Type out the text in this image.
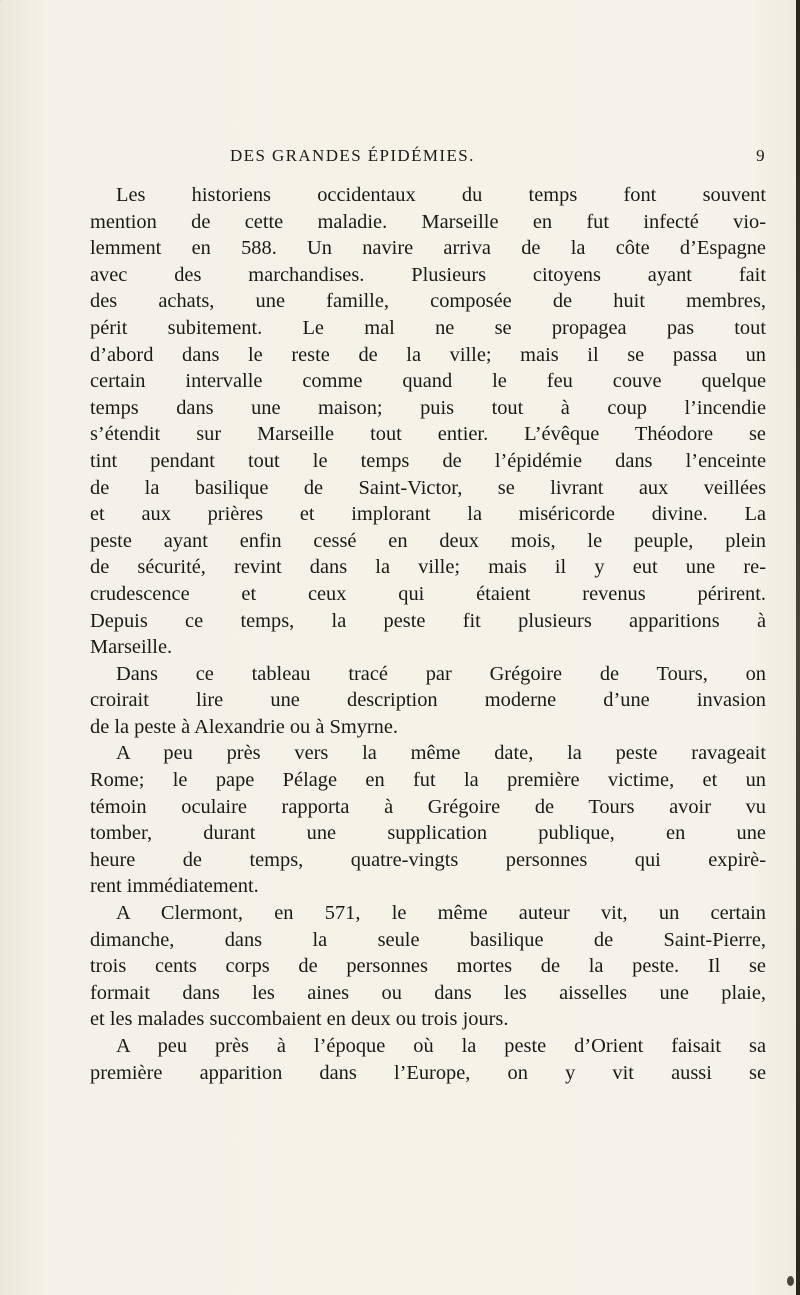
DES GRANDES ÉPIDÉMIES.	9
Les historiens occidentaux du temps font souvent
mention de cette maladie. Marseille en fut infecté vio-
lemment en 588. Un navire arriva de la côte d’Espagne
avec des marchandises. Plusieurs citoyens ayant fait
des achats, une famille, composée de huit membres,
périt subitement. Le mal ne se propagea pas tout
d’abord dans le reste de la ville; mais il se passa un
certain intervalle comme quand le feu couve quelque
temps dans une maison; puis tout à coup l’incendie
s’étendit sur Marseille tout entier. L’évêque Théodore se
tint pendant tout le temps de l’épidémie dans l’enceinte
de la basilique de Saint-Victor, se livrant aux veillées
et aux prières et implorant la miséricorde divine. La
peste ayant enfin cessé en deux mois, le peuple, plein
de sécurité, revint dans la ville; mais il y eut une re-
crudescence et ceux qui étaient revenus périrent.
Depuis ce temps, la peste fit plusieurs apparitions à
Marseille.
Dans ce tableau tracé par Grégoire de Tours, on
croirait lire une description moderne d’une invasion
de la peste à Alexandrie ou à Smyrne.
A peu près vers la même date, la peste ravageait
Rome; le pape Pélage en fut la première victime, et un
témoin oculaire rapporta à Grégoire de Tours avoir vu
tomber, durant une supplication publique, en une
heure de temps, quatre-vingts personnes qui expirè-
rent immédiatement.
A Clermont, en 571, le même auteur vit, un certain
dimanche, dans la seule basilique de Saint-Pierre,
trois cents corps de personnes mortes de la peste. Il se
formait dans les aines ou dans les aisselles une plaie,
et les malades succombaient en deux ou trois jours.
A peu près à l’époque où la peste d’Orient faisait sa
première apparition dans l’Europe, on y vit aussi se
